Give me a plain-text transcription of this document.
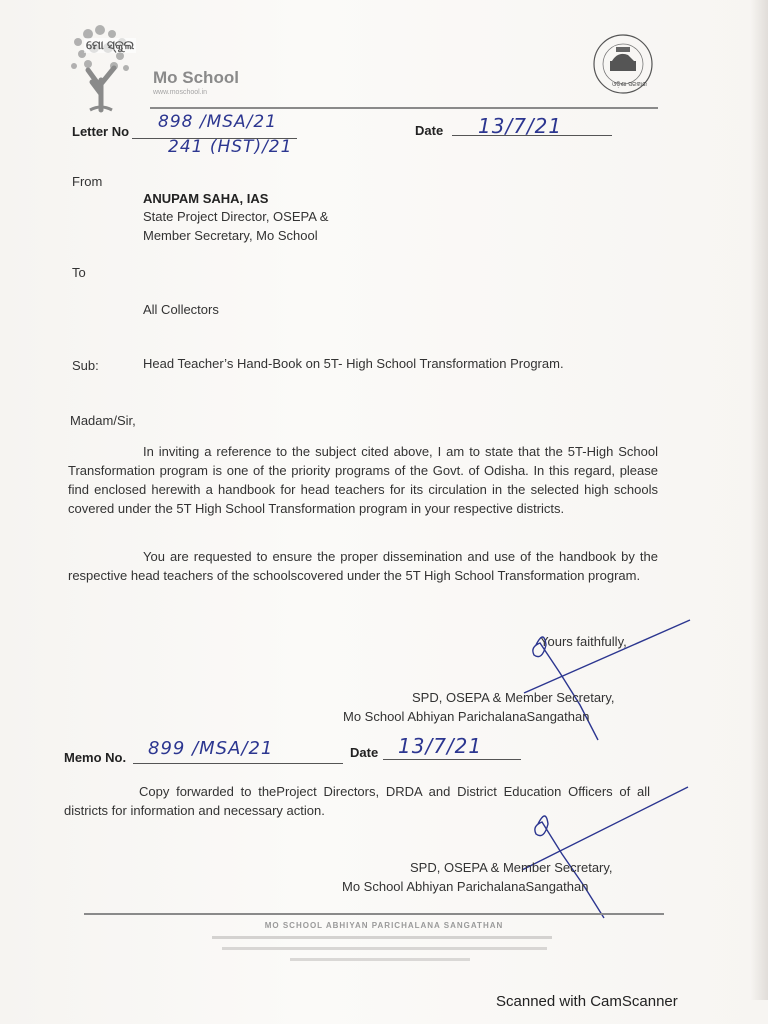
ମୋ ସ୍କୁଲ
Mo School
www.moschool.in
ଓଡ଼ିଶା ସରକାର
Letter No 898 /MSA/21
241 (HST)/21
Date 13/7/21
From
ANUPAM SAHA, IAS
State Project Director, OSEPA &
Member Secretary, Mo School
To
All Collectors
Sub:	Head Teacher’s Hand-Book on 5T- High School Transformation Program.
Madam/Sir,
In inviting a reference to the subject cited above, I am to state that the 5T-High School Transformation program is one of the priority programs of the Govt. of Odisha. In this regard, please find enclosed herewith a handbook for head teachers for its circulation in the selected high schools covered under the 5T High School Transformation program in your respective districts.
You are requested to ensure the proper dissemination and use of the handbook by the respective head teachers of the schoolscovered under the 5T High School Transformation program.
Yours faithfully,
SPD, OSEPA & Member Secretary,
Mo School Abhiyan ParichalanaSangathan
Memo No. 899 /MSA/21	Date 13/7/21
Copy forwarded to theProject Directors, DRDA and District Education Officers of all districts for information and necessary action.
SPD, OSEPA & Member Secretary,
Mo School Abhiyan ParichalanaSangathan
MO SCHOOL ABHIYAN PARICHALANA SANGATHAN
Scanned with CamScanner
